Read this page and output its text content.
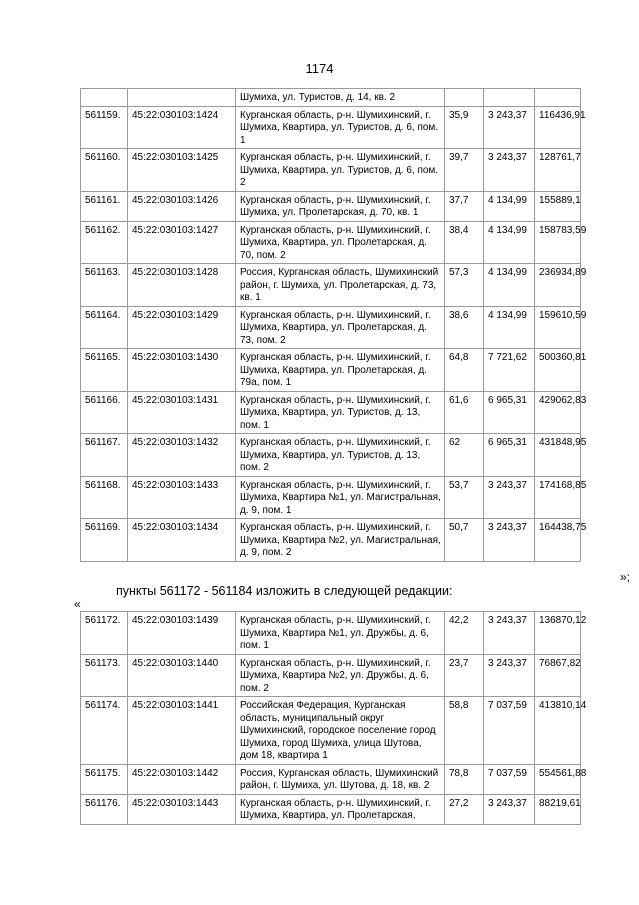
1174
		Шумиха, ул. Туристов, д. 14, кв. 2			
561159.	45:22:030103:1424	Курганская область, р-н. Шумихинский, г. Шумиха, Квартира, ул. Туристов, д. 6, пом. 1	35,9	3 243,37	116436,91
561160.	45:22:030103:1425	Курганская область, р-н. Шумихинский, г. Шумиха, Квартира, ул. Туристов, д. 6, пом. 2	39,7	3 243,37	128761,7
561161.	45:22:030103:1426	Курганская область, р-н. Шумихинский, г. Шумиха, ул. Пролетарская, д. 70, кв. 1	37,7	4 134,99	155889,1
561162.	45:22:030103:1427	Курганская область, р-н. Шумихинский, г. Шумиха, Квартира, ул. Пролетарская, д. 70, пом. 2	38,4	4 134,99	158783,59
561163.	45:22:030103:1428	Россия, Курганская область, Шумихинский район, г. Шумиха, ул. Пролетарская, д. 73, кв. 1	57,3	4 134,99	236934,89
561164.	45:22:030103:1429	Курганская область, р-н. Шумихинский, г. Шумиха, Квартира, ул. Пролетарская, д. 73, пом. 2	38,6	4 134,99	159610,59
561165.	45:22:030103:1430	Курганская область, р-н. Шумихинский, г. Шумиха, Квартира, ул. Пролетарская, д. 79а, пом. 1	64,8	7 721,62	500360,81
561166.	45:22:030103:1431	Курганская область, р-н. Шумихинский, г. Шумиха, Квартира, ул. Туристов, д. 13, пом. 1	61,6	6 965,31	429062,83
561167.	45:22:030103:1432	Курганская область, р-н. Шумихинский, г. Шумиха, Квартира, ул. Туристов, д. 13, пом. 2	62	6 965,31	431848,95
561168.	45:22:030103:1433	Курганская область, р-н. Шумихинский, г. Шумиха, Квартира №1, ул. Магистральная, д. 9, пом. 1	53,7	3 243,37	174168,85
561169.	45:22:030103:1434	Курганская область, р-н. Шумихинский, г. Шумиха, Квартира №2, ул. Магистральная, д. 9, пом. 2	50,7	3 243,37	164438,75
»;
пункты 561172 - 561184 изложить в следующей редакции:
«
561172.	45:22:030103:1439	Курганская область, р-н. Шумихинский, г. Шумиха, Квартира №1, ул. Дружбы, д. 6, пом. 1	42,2	3 243,37	136870,12
561173.	45:22:030103:1440	Курганская область, р-н. Шумихинский, г. Шумиха, Квартира №2, ул. Дружбы, д. 6, пом. 2	23,7	3 243,37	76867,82
561174.	45:22:030103:1441	Российская Федерация, Курганская область, муниципальный округ Шумихинский, городское поселение город Шумиха, город Шумиха, улица Шутова, дом 18, квартира 1	58,8	7 037,59	413810,14
561175.	45:22:030103:1442	Россия, Курганская область, Шумихинский район, г. Шумиха, ул. Шутова, д. 18, кв. 2	78,8	7 037,59	554561,88
561176.	45:22:030103:1443	Курганская область, р-н. Шумихинский, г. Шумиха, Квартира, ул. Пролетарская,	27,2	3 243,37	88219,61
